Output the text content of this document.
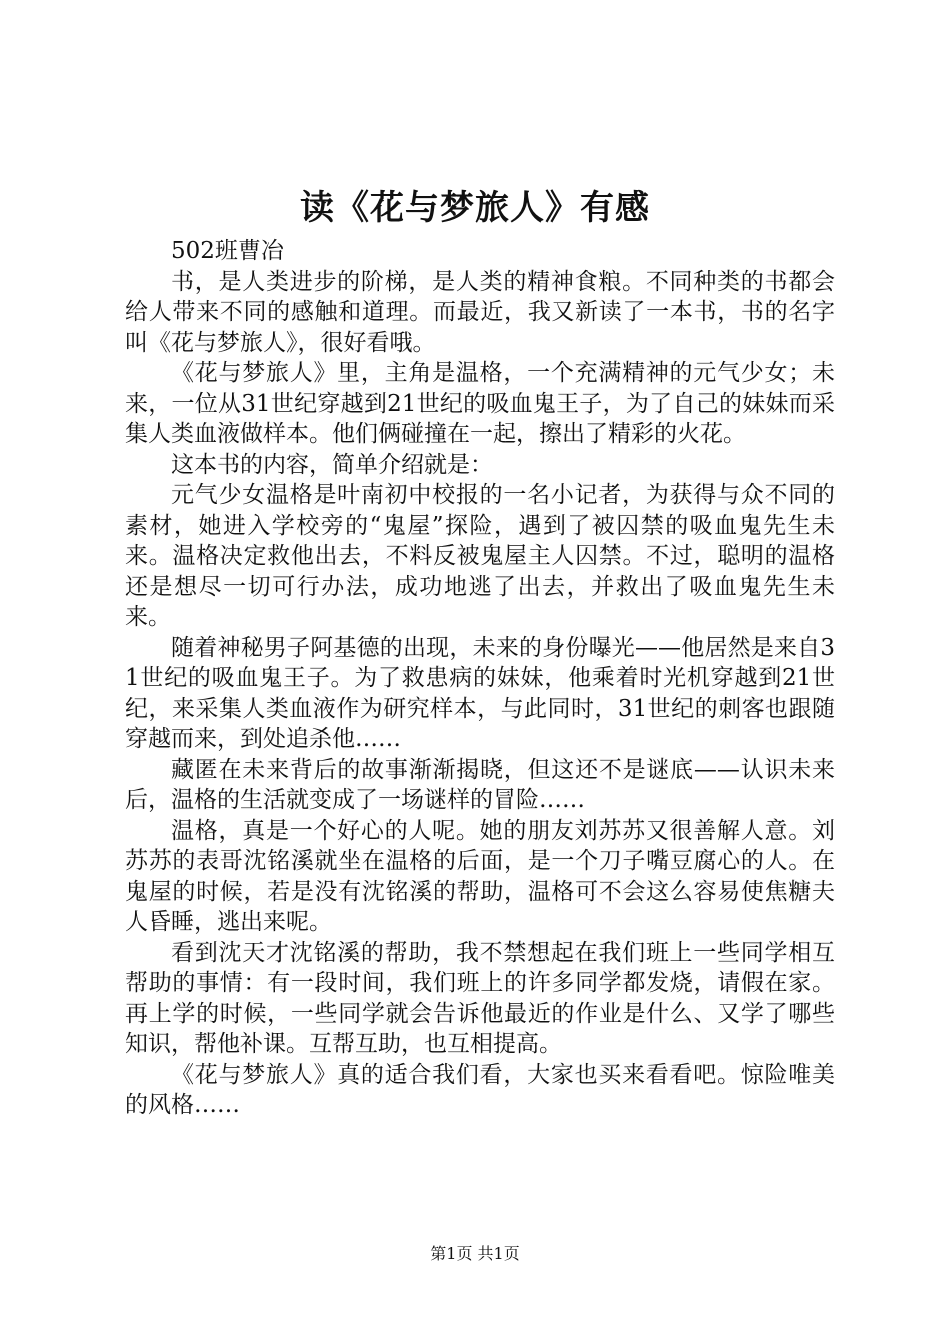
读《花与梦旅人》有感

502班曹冶

书，是人类进步的阶梯，是人类的精神食粮。不同种类的书都会给人带来不同的感触和道理。而最近，我又新读了一本书，书的名字叫《花与梦旅人》，很好看哦。

《花与梦旅人》里，主角是温格，一个充满精神的元气少女；未来，一位从31世纪穿越到21世纪的吸血鬼王子，为了自己的妹妹而采集人类血液做样本。他们俩碰撞在一起，擦出了精彩的火花。

这本书的内容，简单介绍就是：

元气少女温格是叶南初中校报的一名小记者，为获得与众不同的素材，她进入学校旁的“鬼屋”探险，遇到了被囚禁的吸血鬼先生未来。温格决定救他出去，不料反被鬼屋主人囚禁。不过，聪明的温格还是想尽一切可行办法，成功地逃了出去，并救出了吸血鬼先生未来。

随着神秘男子阿基德的出现，未来的身份曝光——他居然是来自31世纪的吸血鬼王子。为了救患病的妹妹，他乘着时光机穿越到21世纪，来采集人类血液作为研究样本，与此同时，31世纪的刺客也跟随穿越而来，到处追杀他……

藏匿在未来背后的故事渐渐揭晓，但这还不是谜底——认识未来后，温格的生活就变成了一场谜样的冒险……

温格，真是一个好心的人呢。她的朋友刘苏苏又很善解人意。刘苏苏的表哥沈铭溪就坐在温格的后面，是一个刀子嘴豆腐心的人。在鬼屋的时候，若是没有沈铭溪的帮助，温格可不会这么容易使焦糖夫人昏睡，逃出来呢。

看到沈天才沈铭溪的帮助，我不禁想起在我们班上一些同学相互帮助的事情：有一段时间，我们班上的许多同学都发烧，请假在家。再上学的时候，一些同学就会告诉他最近的作业是什么、又学了哪些知识，帮他补课。互帮互助，也互相提高。

《花与梦旅人》真的适合我们看，大家也买来看看吧。惊险唯美的风格……

第1页 共1页
